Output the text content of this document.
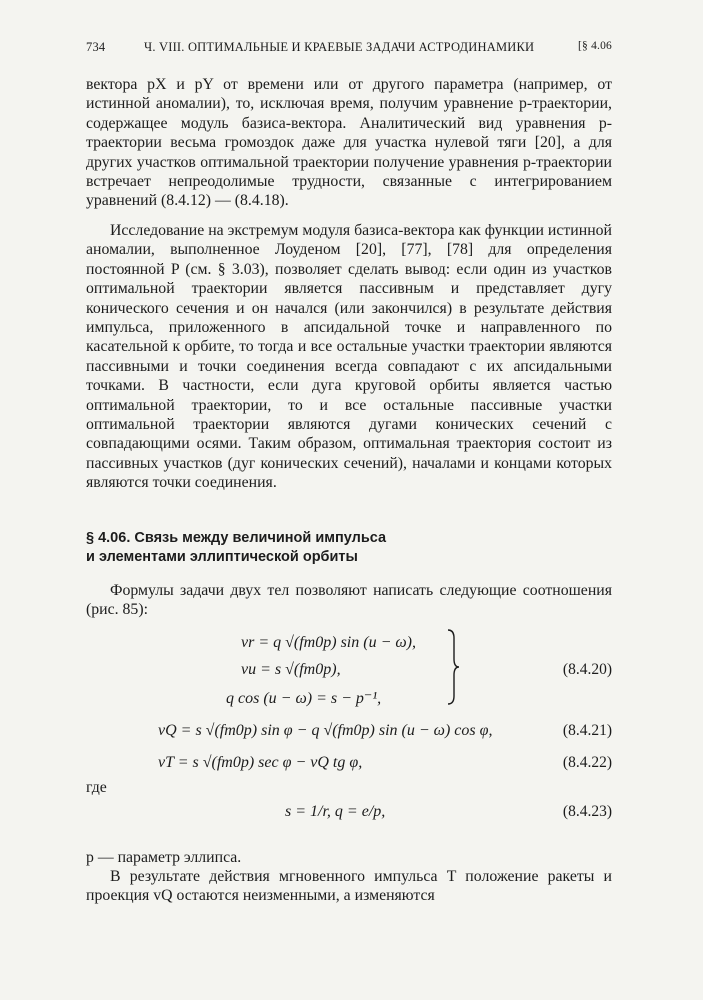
734	Ч. VIII. ОПТИМАЛЬНЫЕ И КРАЕВЫЕ ЗАДАЧИ АСТРОДИНАМИКИ	[§ 4.06

вектора pX и pY от времени или от другого параметра (например, от истинной аномалии), то, исключая время, получим уравнение p-траектории, содержащее модуль базиса-вектора. Аналитический вид уравнения p-траектории весьма громоздок даже для участка нулевой тяги [20], а для других участков оптимальной траектории получение уравнения p-траектории встречает непреодолимые трудности, связанные с интегрированием уравнений (8.4.12) — (8.4.18).

Исследование на экстремум модуля базиса-вектора как функции истинной аномалии, выполненное Лоуденом [20], [77], [78] для определения постоянной P (см. § 3.03), позволяет сделать вывод: если один из участков оптимальной траектории является пассивным и представляет дугу конического сечения и он начался (или закончился) в результате действия импульса, приложенного в апсидальной точке и направленного по касательной к орбите, то тогда и все остальные участки траектории являются пассивными и точки соединения всегда совпадают с их апсидальными точками. В частности, если дуга круговой орбиты является частью оптимальной траектории, то и все остальные пассивные участки оптимальной траектории являются дугами конических сечений с совпадающими осями. Таким образом, оптимальная траектория состоит из пассивных участков (дуг конических сечений), началами и концами которых являются точки соединения.

§ 4.06. Связь между величиной импульса
и элементами эллиптической орбиты

Формулы задачи двух тел позволяют написать следующие соотношения (рис. 85):

vr = q √(fm0p) sin (u − ω),
vu = s √(fm0p),
q cos (u − ω) = s − p⁻¹,
(8.4.20)
vQ = s √(fm0p) sin φ − q √(fm0p) sin (u − ω) cos φ,	(8.4.21)
vT = s √(fm0p) sec φ − vQ tg φ,	(8.4.22)
где
s = 1/r, q = e/p,	(8.4.23)

p — параметр эллипса.

В результате действия мгновенного импульса T положение ракеты и проекция vQ остаются неизменными, а изменяются
